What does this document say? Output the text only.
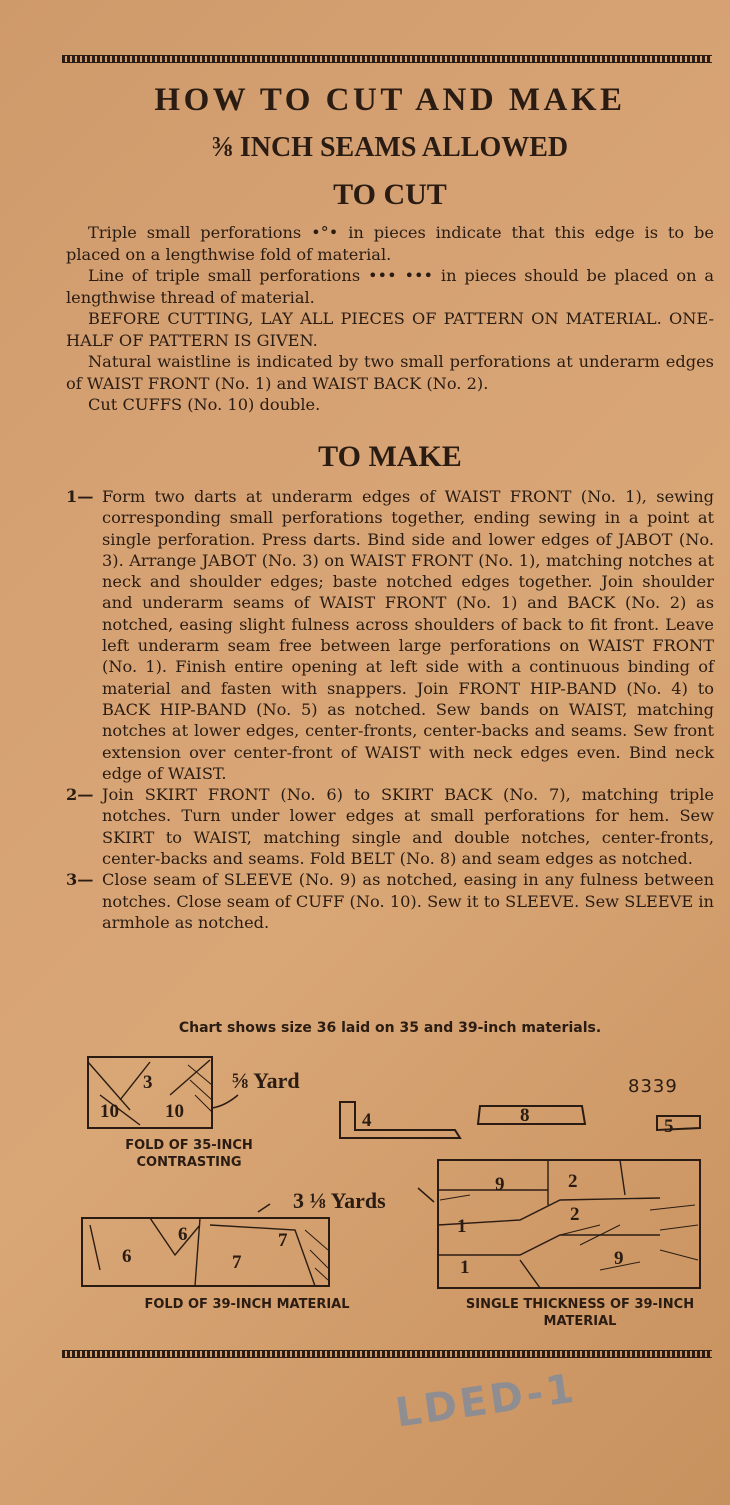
HOW TO CUT AND MAKE
⅜ INCH SEAMS ALLOWED
TO CUT

Triple small perforations •°• in pieces indicate that this edge is to be placed on a lengthwise fold of material.

Line of triple small perforations ••• ••• in pieces should be placed on a lengthwise thread of material.

BEFORE CUTTING, LAY ALL PIECES OF PATTERN ON MATERIAL. ONE-HALF OF PATTERN IS GIVEN.

Natural waistline is indicated by two small perforations at underarm edges of WAIST FRONT (No. 1) and WAIST BACK (No. 2).

Cut CUFFS (No. 10) double.

TO MAKE
1— Form two darts at underarm edges of WAIST FRONT (No. 1), sewing corresponding small perforations together, ending sewing in a point at single perforation. Press darts. Bind side and lower edges of JABOT (No. 3). Arrange JABOT (No. 3) on WAIST FRONT (No. 1), matching notches at neck and shoulder edges; baste notched edges together. Join shoulder and underarm seams of WAIST FRONT (No. 1) and BACK (No. 2) as notched, easing slight fulness across shoulders of back to fit front. Leave left underarm seam free between large perforations on WAIST FRONT (No. 1). Finish entire opening at left side with a continuous binding of material and fasten with snappers. Join FRONT HIP-BAND (No. 4) to BACK HIP-BAND (No. 5) as notched. Sew bands on WAIST, matching notches at lower edges, center-fronts, center-backs and seams. Sew front extension over center-front of WAIST with neck edges even. Bind neck edge of WAIST.
2— Join SKIRT FRONT (No. 6) to SKIRT BACK (No. 7), matching triple notches. Turn under lower edges at small perforations for hem. Sew SKIRT to WAIST, matching single and double notches, center-fronts, center-backs and seams. Fold BELT (No. 8) and seam edges as notched.
3— Close seam of SLEEVE (No. 9) as notched, easing in any fulness between notches. Close seam of CUFF (No. 10). Sew it to SLEEVE. Sew SLEEVE in armhole as notched.
Chart shows size 36 laid on 35 and 39-inch materials.
3
10 10	4	8
5
6
6
7
7
9	2
2
1
9
1
⅝ Yard
3 ⅛ Yards
8339
FOLD OF 35-INCH CONTRASTING
FOLD OF 39-INCH MATERIAL	SINGLE THICKNESS OF 39-INCH MATERIAL
LDED-1
